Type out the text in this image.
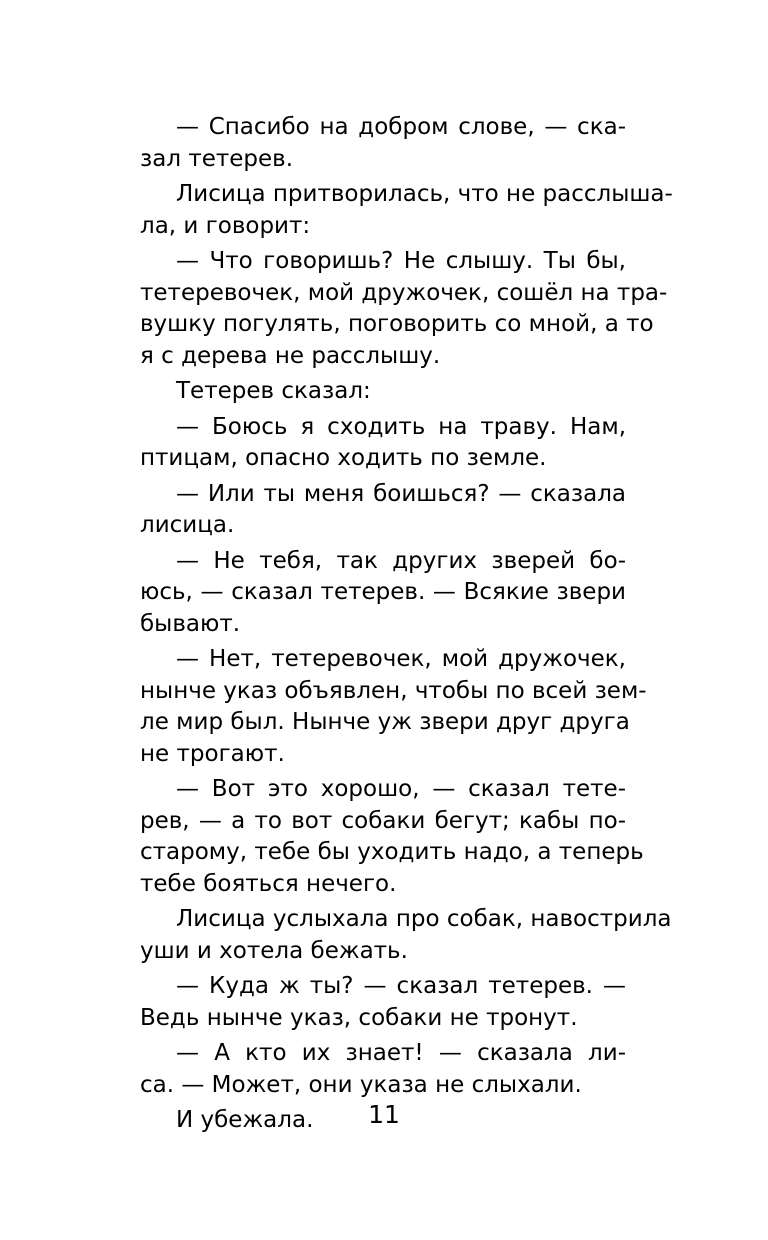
— Спасибо на добром слове, — ска-
зал тетерев.
Лисица притворилась, что не расслыша-
ла, и говорит:
— Что говоришь? Не слышу. Ты бы,
тетеревочек, мой дружочек, сошёл на тра-
вушку погулять, поговорить со мной, а то
я с дерева не расслышу.
Тетерев сказал:
— Боюсь я сходить на траву. Нам,
птицам, опасно ходить по земле.
— Или ты меня боишься? — сказала
лисица.
— Не тебя, так других зверей бо-
юсь, — сказал тетерев. — Всякие звери
бывают.
— Нет, тетеревочек, мой дружочек,
нынче указ объявлен, чтобы по всей зем-
ле мир был. Нынче уж звери друг друга
не трогают.
— Вот это хорошо, — сказал тете-
рев, — а то вот собаки бегут; кабы по-
старому, тебе бы уходить надо, а теперь
тебе бояться нечего.
Лисица услыхала про собак, навострила
уши и хотела бежать.
— Куда ж ты? — сказал тетерев. —
Ведь нынче указ, собаки не тронут.
— А кто их знает! — сказала ли-
са. — Может, они указа не слыхали.
И убежала.	11
